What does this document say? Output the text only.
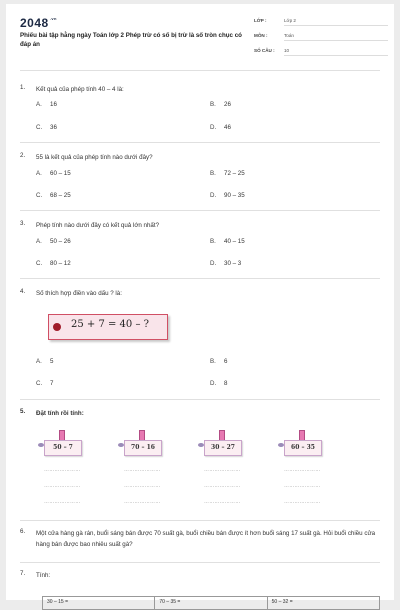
$2048^{.vn}$
Phiếu bài tập hằng ngày Toán lớp 2 Phép trừ có số bị trừ là số tròn chục có đáp án
LỚP :	Lớp 2
MÔN :	Toán
SỐ CÂU :	10
1. Kết quả của phép tính 40 – 4 là:
A. 16	B. 26
C. 36	D. 46
2. 55 là kết quả của phép tính nào dưới đây?
A. 60 – 15	B. 72 – 25
C. 68 – 25	D. 90 – 35
3. Phép tính nào dưới đây có kết quả lớn nhất?
A. 50 – 26	B. 40 – 15
C. 80 – 12	D. 30 – 3
4. Số thích hợp điền vào dấu ? là:
25 + 7 = 40 – ?
A. 5	B. 6
C. 7	D. 8
5. Đặt tính rồi tính:
50 – 7	70 – 16	30 – 27	60 – 35
…………………	…………………	…………………	…………………
…………………	…………………	…………………	…………………
…………………	…………………	…………………	…………………
6. Một cửa hàng gà rán, buổi sáng bán được 70 suất gà, buổi chiều bán được ít hơn buổi sáng 17 suất gà. Hỏi buổi chiều cửa hàng bán được bao nhiêu suất gà?
7. Tính:
30 – 15 =	70 – 35 =	50 – 32 =
